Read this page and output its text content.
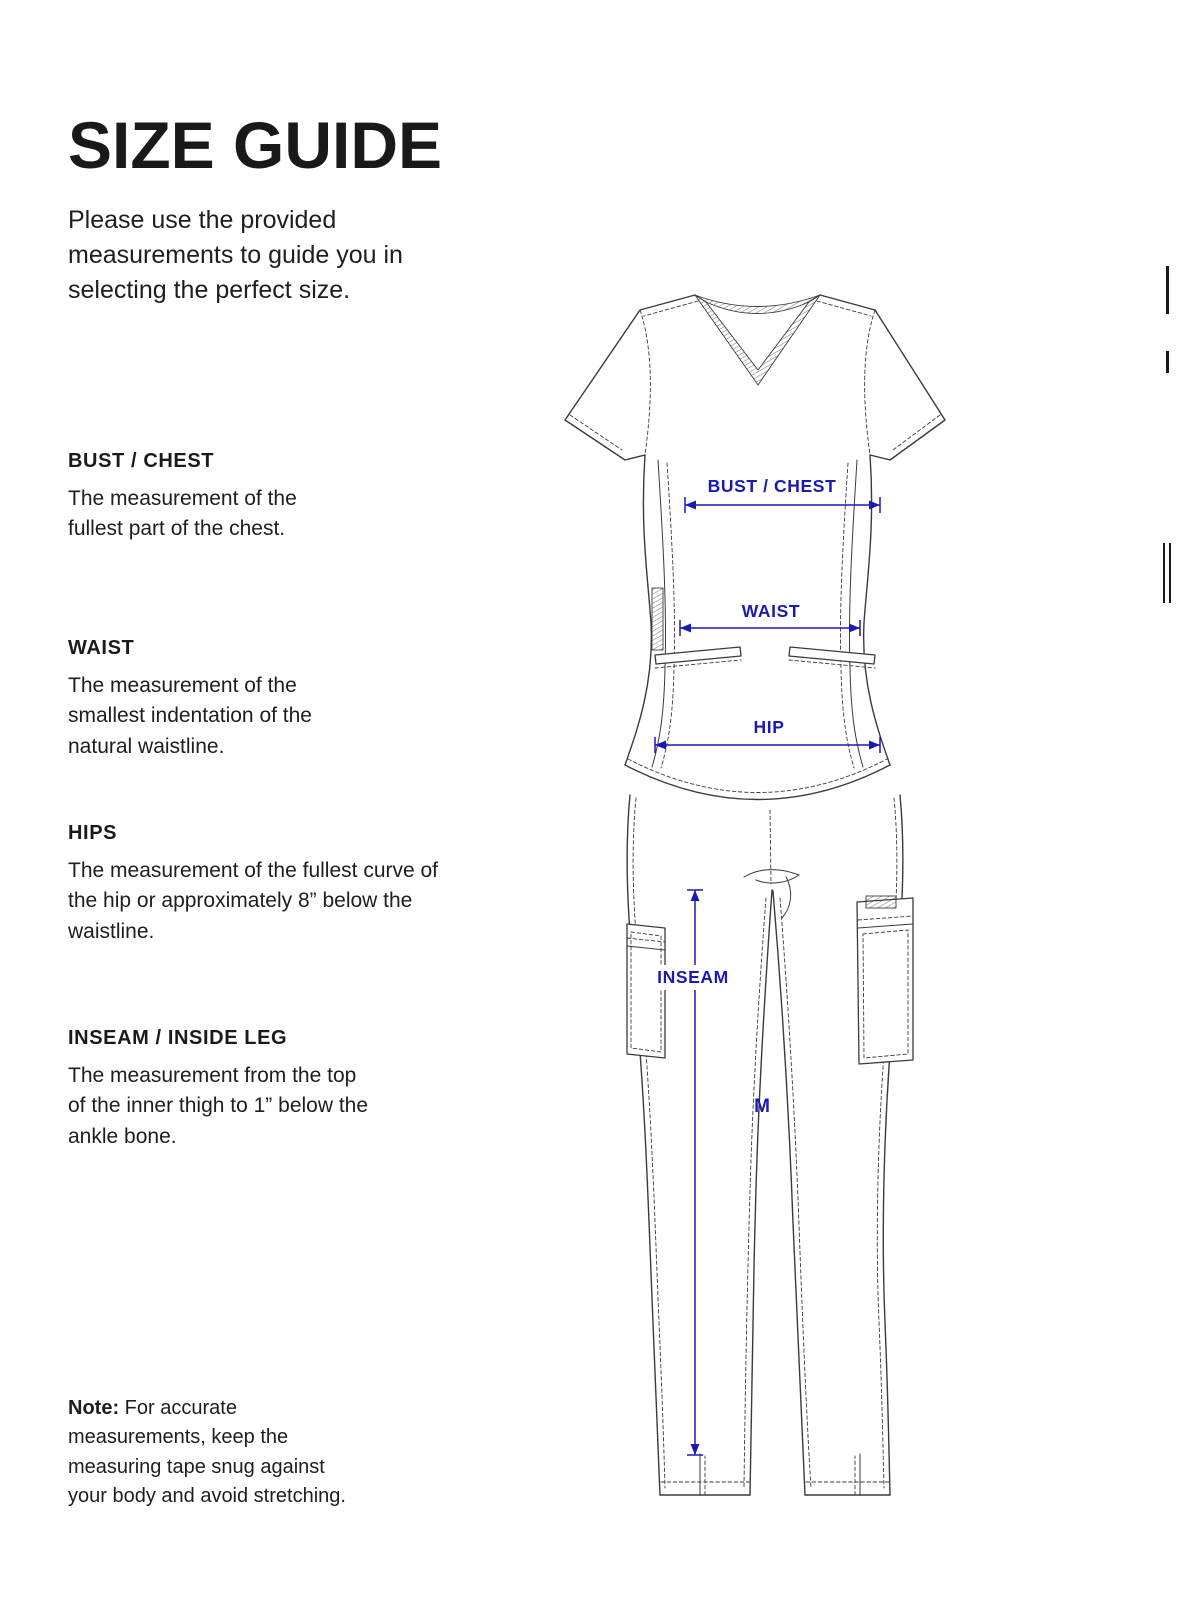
SIZE GUIDE

Please use the provided measurements to guide you in selecting the perfect size.

BUST / CHEST
The measurement of the fullest part of the chest.
WAIST
The measurement of the smallest indentation of the natural waistline.
HIPS
The measurement of the fullest curve of the hip or approximately 8” below the waistline.
INSEAM / INSIDE LEG
The measurement from the top of the inner thigh to 1” below the ankle bone.

Note: For accurate measurements, keep the measuring tape snug against your body and avoid stretching.

BUST / CHEST
WAIST
HIP
INSEAM
M
